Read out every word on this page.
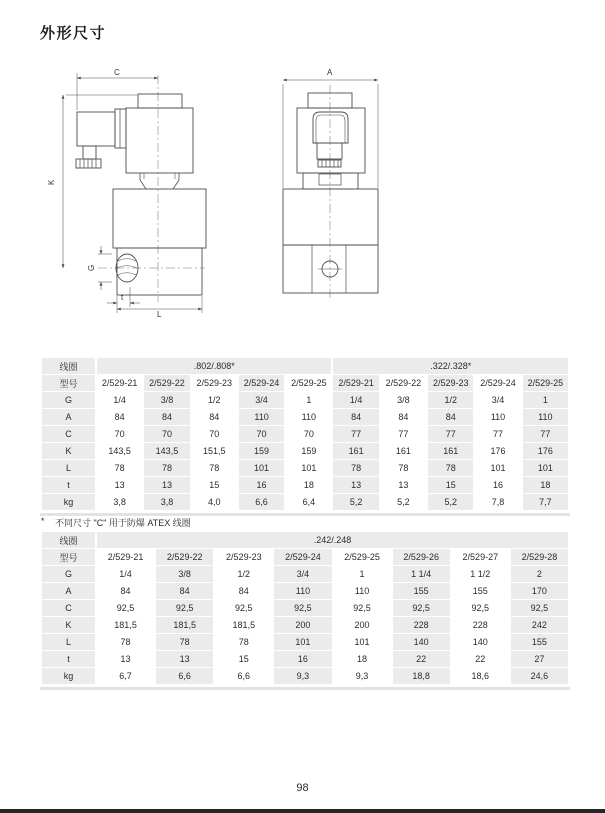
外形尺寸
C
K
G
t
L
A
线圈	.802/.808*					.322/.328*				
型号	2/529-21	2/529-22	2/529-23	2/529-24	2/529-25	2/529-21	2/529-22	2/529-23	2/529-24	2/529-25
G	1/4	3/8	1/2	3/4	1	1/4	3/8	1/2	3/4	1
A	84	84	84	110	110	84	84	84	110	110
C	70	70	70	70	70	77	77	77	77	77
K	143,5	143,5	151,5	159	159	161	161	161	176	176
L	78	78	78	101	101	78	78	78	101	101
t	13	13	15	16	18	13	13	15	16	18
kg	3,8	3,8	4,0	6,6	6,4	5,2	5,2	5,2	7,8	7,7
* 不同尺寸 "C" 用于防爆 ATEX 线圈
线圈	.242/.248							
型号	2/529-21	2/529-22	2/529-23	2/529-24	2/529-25	2/529-26	2/529-27	2/529-28
G	1/4	3/8	1/2	3/4	1	1 1/4	1 1/2	2
A	84	84	84	110	110	155	155	170
C	92,5	92,5	92,5	92,5	92,5	92,5	92,5	92,5
K	181,5	181,5	181,5	200	200	228	228	242
L	78	78	78	101	101	140	140	155
t	13	13	15	16	18	22	22	27
kg	6,7	6,6	6,6	9,3	9,3	18,8	18,6	24,6
98
